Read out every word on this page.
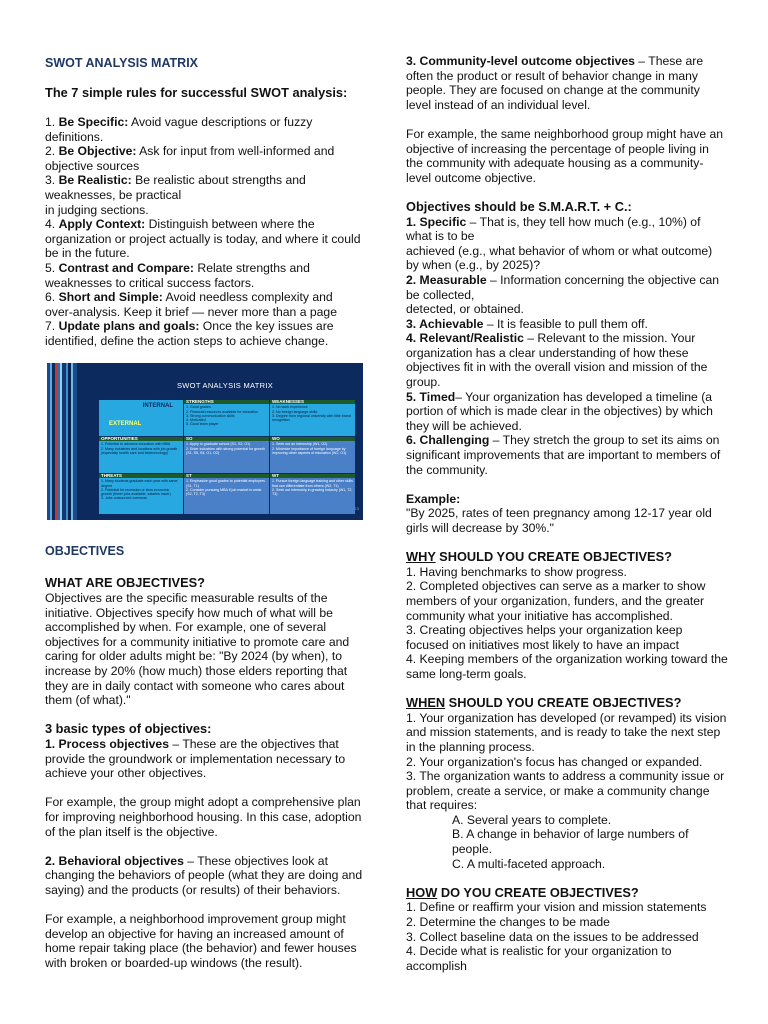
SWOT ANALYSIS MATRIX
The 7 simple rules for successful SWOT analysis:

1. Be Specific: Avoid vague descriptions or fuzzy definitions.

2. Be Objective: Ask for input from well-informed and objective sources

3. Be Realistic: Be realistic about strengths and weaknesses, be practical

in judging sections.

4. Apply Context: Distinguish between where the organization or project actually is today, and where it could be in the future.

5. Contrast and Compare: Relate strengths and weaknesses to critical success factors.

6. Short and Simple: Avoid needless complexity and over-analysis. Keep it brief — never more than a page

7. Update plans and goals: Once the key issues are identified, define the action steps to achieve change.

OBJECTIVES
WHAT ARE OBJECTIVES?

Objectives are the specific measurable results of the initiative. Objectives specify how much of what will be accomplished by when. For example, one of several objectives for a community initiative to promote care and caring for older adults might be: "By 2024 (by when), to increase by 20% (how much) those elders reporting that they are in daily contact with someone who cares about them (of what)."

3 basic types of objectives:

1. Process objectives – These are the objectives that provide the groundwork or implementation necessary to achieve your other objectives.

For example, the group might adopt a comprehensive plan for improving neighborhood housing. In this case, adoption of the plan itself is the objective.

2. Behavioral objectives – These objectives look at changing the behaviors of people (what they are doing and saying) and the products (or results) of their behaviors.

For example, a neighborhood improvement group might develop an objective for having an increased amount of home repair taking place (the behavior) and fewer houses with broken or boarded-up windows (the result).

SWOT ANALYSIS MATRIX
INTERNAL
EXTERNAL
STRENGTHS
1. Good grades
2. Financial resources available for education
3. Strong communication skills
4. Motivated
5. Good team player
WEAKNESSES
1. No work experience
2. No foreign language skills
3. Degree from regional university with little brand recognition
OPPORTUNITIES
1. Potential to advance education with MBA
2. Many industries and locations with job growth (especially health care and biotechnology)
SO
1. Apply to graduate school (S1, S2, O1)
2. Enter industries with strong potential for growth (S1, S5, S4, O1, O2)
WO
1. Seek out an internship (W1, O2)
2. Minimize importance of foreign language by improving other aspects of education (W2, O1)
THREATS
1. Many students graduate each year with same degree
2. Potential for recession or slow economic growth (fewer jobs available, salaries lower)
3. Jobs outsourced overseas
ST
1. Emphasize good grades to potential employers (S1, T1)
2. Consider pursuing MBA if job market is weak (S2, T2, T3)
WT
1. Pursue foreign language training and other skills that can differentiate from others (W2, T1)
2. Seek out internship in growing industry (W1, T2, T3)
13

3. Community-level outcome objectives – These are often the product or result of behavior change in many people. They are focused on change at the community level instead of an individual level.

For example, the same neighborhood group might have an objective of increasing the percentage of people living in the community with adequate housing as a community-level outcome objective.

Objectives should be S.M.A.R.T. + C.:

1. Specific – That is, they tell how much (e.g., 10%) of what is to be

achieved (e.g., what behavior of whom or what outcome) by when (e.g., by 2025)?

2. Measurable – Information concerning the objective can be collected,

detected, or obtained.

3. Achievable – It is feasible to pull them off.

4. Relevant/Realistic – Relevant to the mission. Your organization has a clear understanding of how these objectives fit in with the overall vision and mission of the group.

5. Timed– Your organization has developed a timeline (a portion of which is made clear in the objectives) by which they will be achieved.

6. Challenging – They stretch the group to set its aims on significant improvements that are important to members of the community.

Example:

"By 2025, rates of teen pregnancy among 12-17 year old girls will decrease by 30%."

WHY SHOULD YOU CREATE OBJECTIVES?

1. Having benchmarks to show progress.

2. Completed objectives can serve as a marker to show members of your organization, funders, and the greater community what your initiative has accomplished.

3. Creating objectives helps your organization keep focused on initiatives most likely to have an impact

4. Keeping members of the organization working toward the same long-term goals.

WHEN SHOULD YOU CREATE OBJECTIVES?

1. Your organization has developed (or revamped) its vision and mission statements, and is ready to take the next step in the planning process.

2. Your organization's focus has changed or expanded.

3. The organization wants to address a community issue or problem, create a service, or make a community change that requires:

A. Several years to complete.

B. A change in behavior of large numbers of people.

C. A multi-faceted approach.

HOW DO YOU CREATE OBJECTIVES?

1. Define or reaffirm your vision and mission statements

2. Determine the changes to be made

3. Collect baseline data on the issues to be addressed

4. Decide what is realistic for your organization to accomplish
